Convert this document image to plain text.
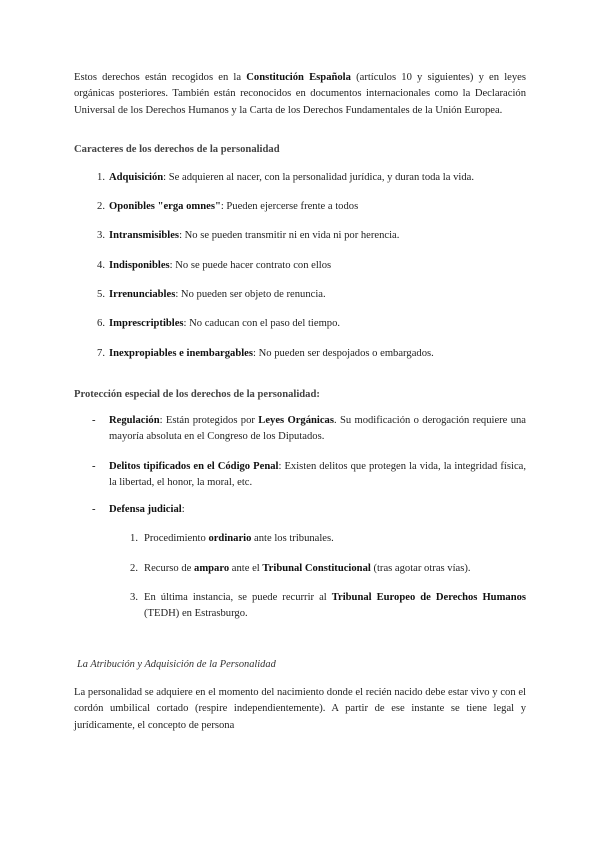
Estos derechos están recogidos en la Constitución Española (artículos 10 y siguientes) y en leyes orgánicas posteriores. También están reconocidos en documentos internacionales como la Declaración Universal de los Derechos Humanos y la Carta de los Derechos Fundamentales de la Unión Europea.
Caracteres de los derechos de la personalidad
1. Adquisición: Se adquieren al nacer, con la personalidad jurídica, y duran toda la vida.
2. Oponibles "erga omnes": Pueden ejercerse frente a todos
3. Intransmisibles: No se pueden transmitir ni en vida ni por herencia.
4. Indisponibles: No se puede hacer contrato con ellos
5. Irrenunciables: No pueden ser objeto de renuncia.
6. Imprescriptibles: No caducan con el paso del tiempo.
7. Inexpropiables e inembargables: No pueden ser despojados o embargados.
Protección especial de los derechos de la personalidad:
- Regulación: Están protegidos por Leyes Orgánicas. Su modificación o derogación requiere una mayoría absoluta en el Congreso de los Diputados.
- Delitos tipificados en el Código Penal: Existen delitos que protegen la vida, la integridad física, la libertad, el honor, la moral, etc.
- Defensa judicial:
1. Procedimiento ordinario ante los tribunales.
2. Recurso de amparo ante el Tribunal Constitucional (tras agotar otras vías).
3. En última instancia, se puede recurrir al Tribunal Europeo de Derechos Humanos (TEDH) en Estrasburgo.
La Atribución y Adquisición de la Personalidad
La personalidad se adquiere en el momento del nacimiento donde el recién nacido debe estar vivo y con el cordón umbilical cortado (respire independientemente). A partir de ese instante se tiene legal y jurídicamente, el concepto de persona
